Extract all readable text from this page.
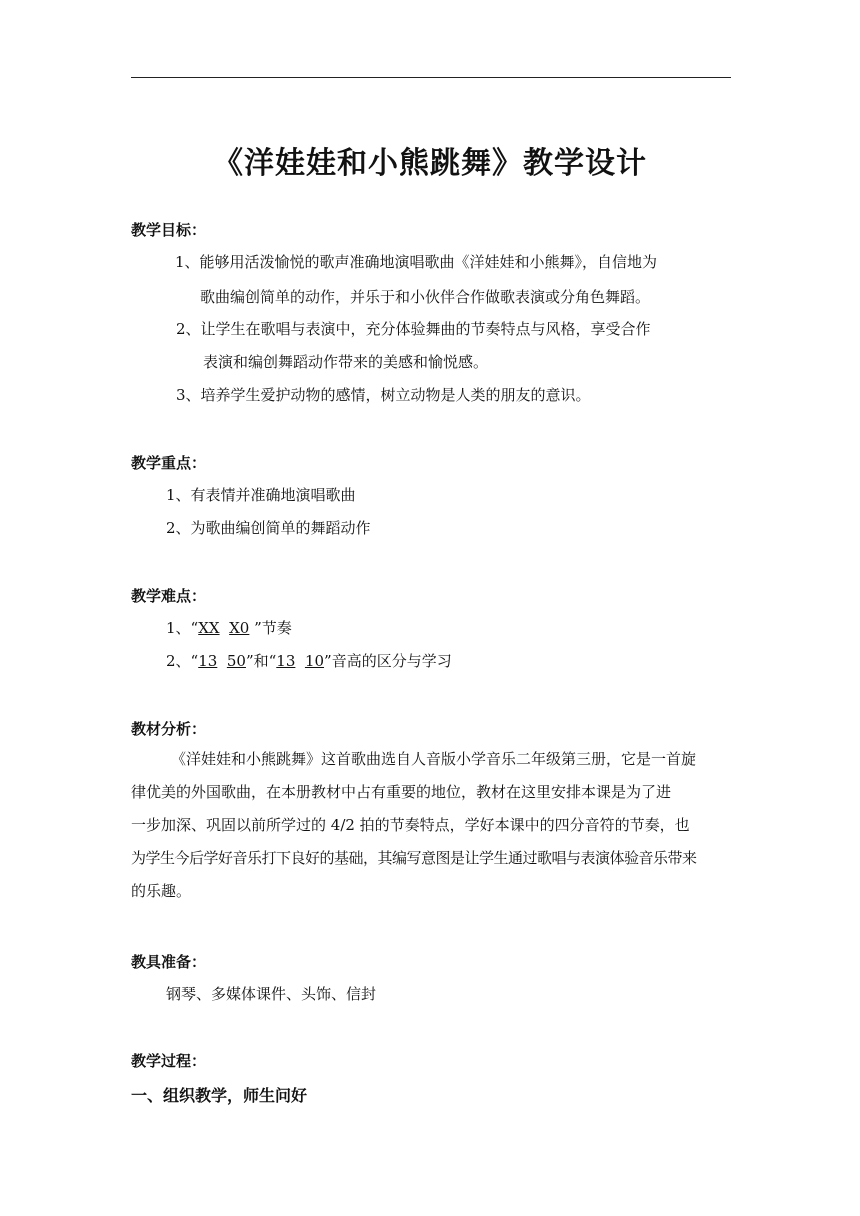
《洋娃娃和小熊跳舞》教学设计
教学目标：
1、能够用活泼愉悦的歌声准确地演唱歌曲《洋娃娃和小熊舞》，自信地为
歌曲编创简单的动作，并乐于和小伙伴合作做歌表演或分角色舞蹈。
2、让学生在歌唱与表演中，充分体验舞曲的节奏特点与风格，享受合作
表演和编创舞蹈动作带来的美感和愉悦感。
3、培养学生爱护动物的感情，树立动物是人类的朋友的意识。
教学重点：
1、有表情并准确地演唱歌曲
2、为歌曲编创简单的舞蹈动作
教学难点：
1、“XX X0 ”节奏
2、“13 50”和“13 10”音高的区分与学习
教材分析：
《洋娃娃和小熊跳舞》这首歌曲选自人音版小学音乐二年级第三册，它是一首旋
律优美的外国歌曲，在本册教材中占有重要的地位，教材在这里安排本课是为了进
一步加深、巩固以前所学过的 4/2 拍的节奏特点，学好本课中的四分音符的节奏，也
为学生今后学好音乐打下良好的基础，其编写意图是让学生通过歌唱与表演体验音乐带来
的乐趣。
教具准备：
钢琴、多媒体课件、头饰、信封
教学过程：
一、组织教学，师生问好
